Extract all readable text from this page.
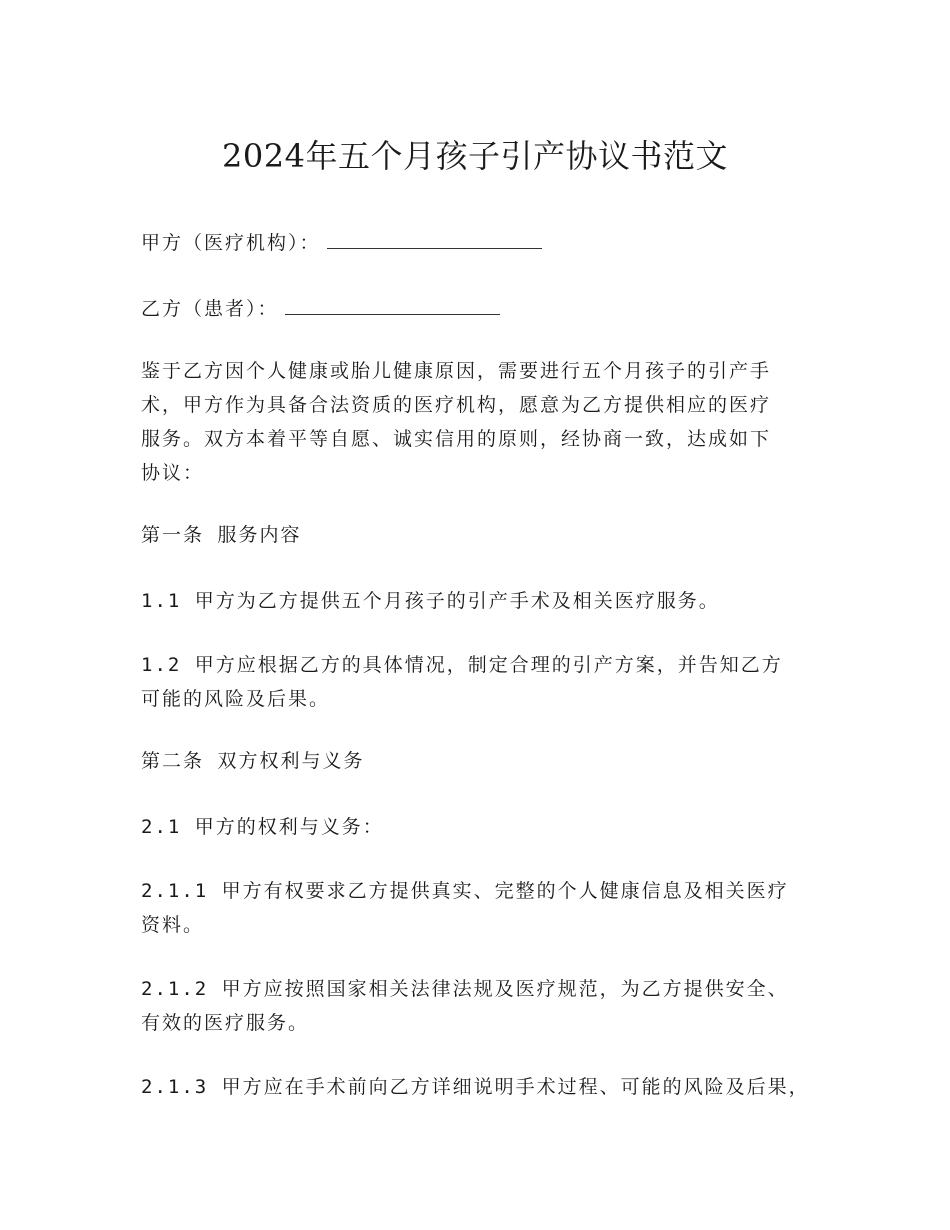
2024年五个月孩子引产协议书范文

甲方（医疗机构）：

乙方（患者）：

鉴于乙方因个人健康或胎儿健康原因，需要进行五个月孩子的引产手
术，甲方作为具备合法资质的医疗机构，愿意为乙方提供相应的医疗
服务。双方本着平等自愿、诚实信用的原则，经协商一致，达成如下
协议：

第一条 服务内容

1.1 甲方为乙方提供五个月孩子的引产手术及相关医疗服务。

1.2 甲方应根据乙方的具体情况，制定合理的引产方案，并告知乙方
可能的风险及后果。

第二条 双方权利与义务

2.1 甲方的权利与义务：

2.1.1 甲方有权要求乙方提供真实、完整的个人健康信息及相关医疗
资料。
2.1.2 甲方应按照国家相关法律法规及医疗规范，为乙方提供安全、
有效的医疗服务。

2.1.3 甲方应在手术前向乙方详细说明手术过程、可能的风险及后果，
